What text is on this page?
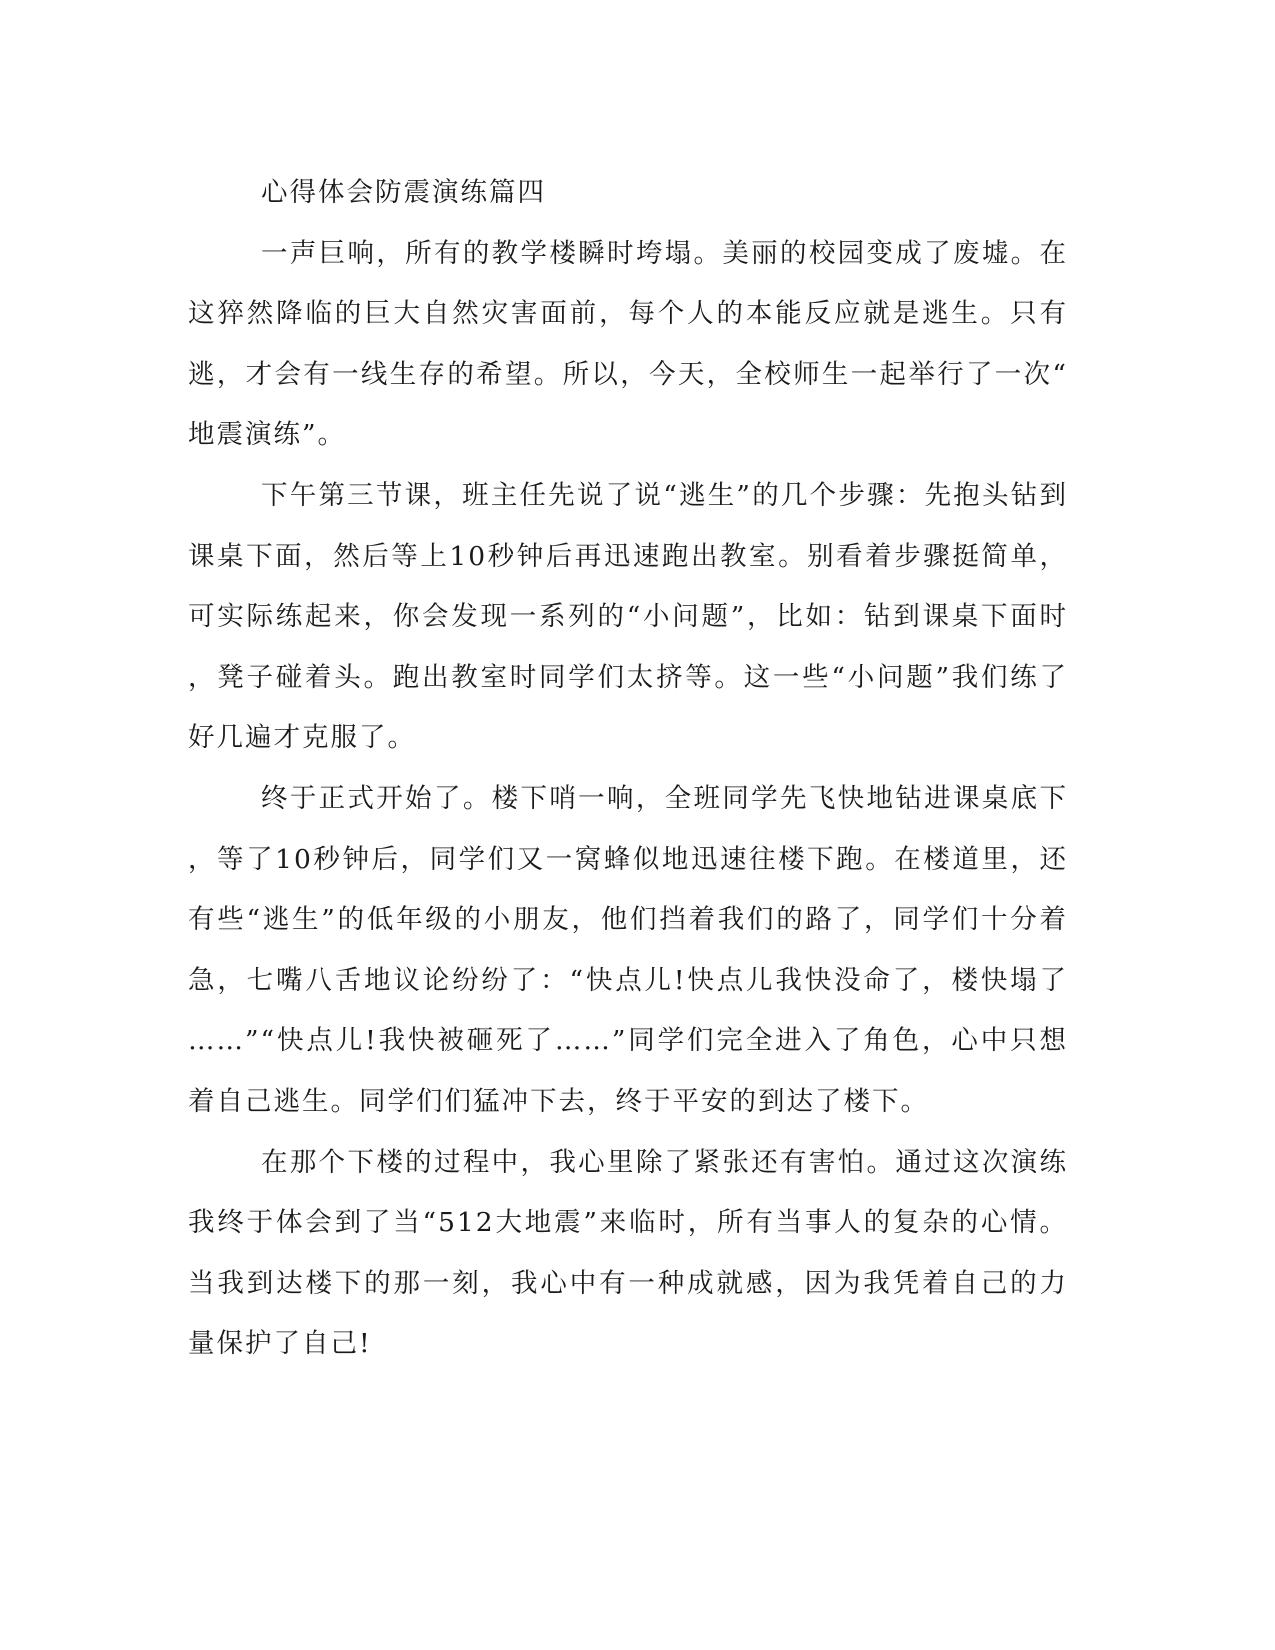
心得体会防震演练篇四

一声巨响，所有的教学楼瞬时垮塌。美丽的校园变成了废墟。在这猝然降临的巨大自然灾害面前，每个人的本能反应就是逃生。只有逃，才会有一线生存的希望。所以，今天，全校师生一起举行了一次“地震演练”。

下午第三节课，班主任先说了说“逃生”的几个步骤：先抱头钻到课桌下面，然后等上10秒钟后再迅速跑出教室。别看着步骤挺简单，可实际练起来，你会发现一系列的“小问题”，比如：钻到课桌下面时，凳子碰着头。跑出教室时同学们太挤等。这一些“小问题”我们练了好几遍才克服了。

终于正式开始了。楼下哨一响，全班同学先飞快地钻进课桌底下，等了10秒钟后，同学们又一窝蜂似地迅速往楼下跑。在楼道里，还有些“逃生”的低年级的小朋友，他们挡着我们的路了，同学们十分着急，七嘴八舌地议论纷纷了：“快点儿!快点儿我快没命了，楼快塌了……”“快点儿!我快被砸死了……”同学们完全进入了角色，心中只想着自己逃生。同学们们猛冲下去，终于平安的到达了楼下。

在那个下楼的过程中，我心里除了紧张还有害怕。通过这次演练我终于体会到了当“512大地震”来临时，所有当事人的复杂的心情。当我到达楼下的那一刻，我心中有一种成就感，因为我凭着自己的力量保护了自己!
